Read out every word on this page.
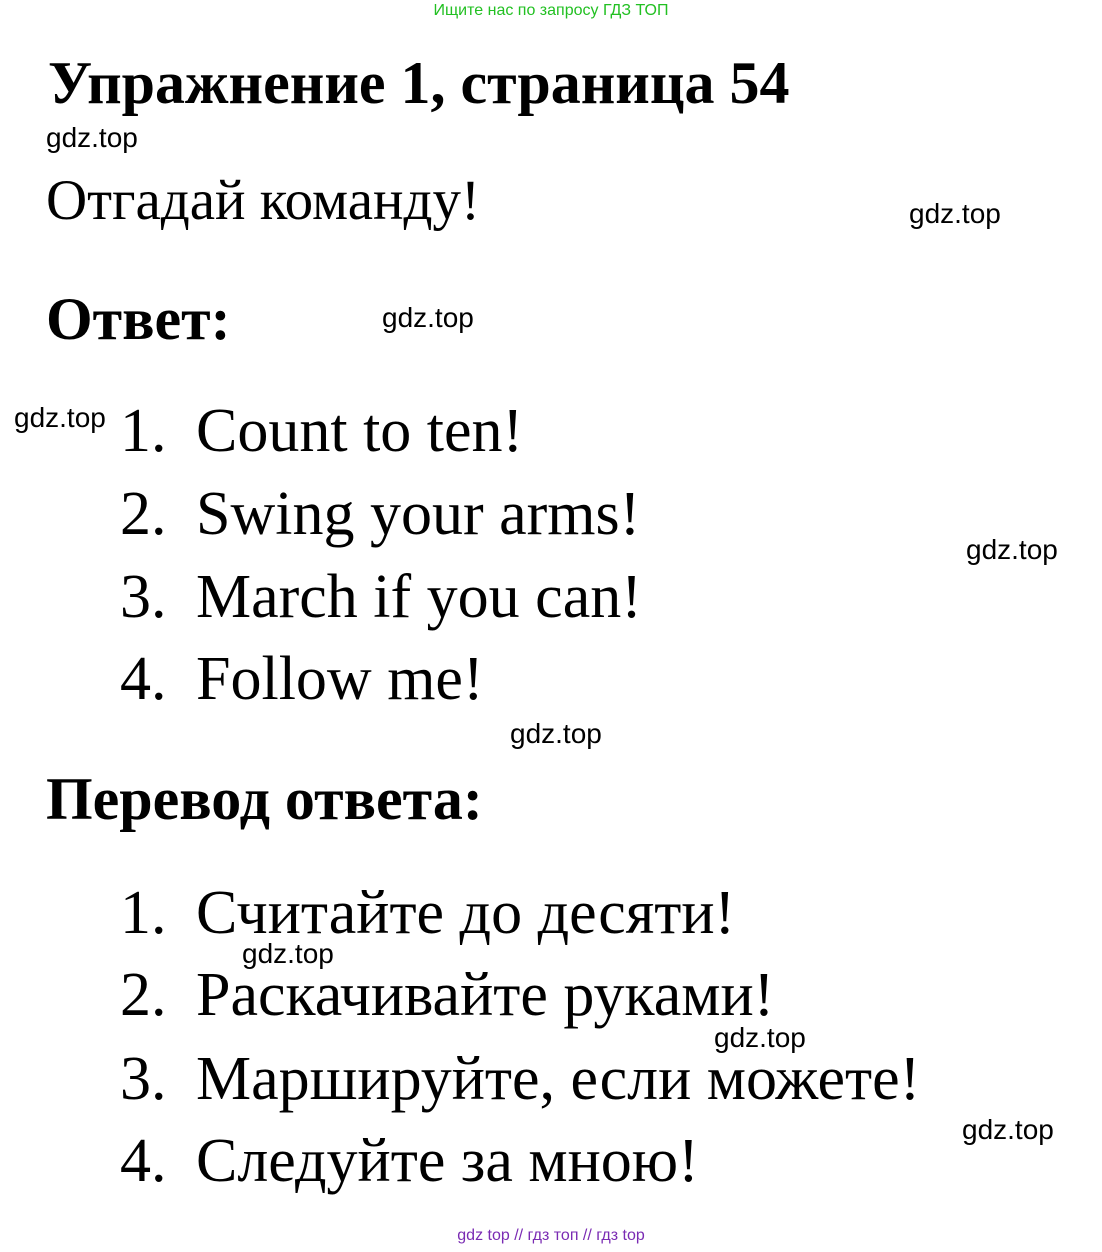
Ищите нас по запросу ГДЗ ТОП
Упражнение 1, страница 54
gdz.top
Отгадай команду!	gdz.top
Ответ:	gdz.top
gdz.top 1. Count to ten!
2. Swing your arms!
gdz.top
3. March if you can!
4. Follow me!
gdz.top
Перевод ответа:
1. Считайте до десяти!
gdz.top
2. Раскачивайте руками!
gdz.top
3. Маршируйте, если можете!
gdz.top
4. Следуйте за мною!
gdz top // гдз топ // гдз top
